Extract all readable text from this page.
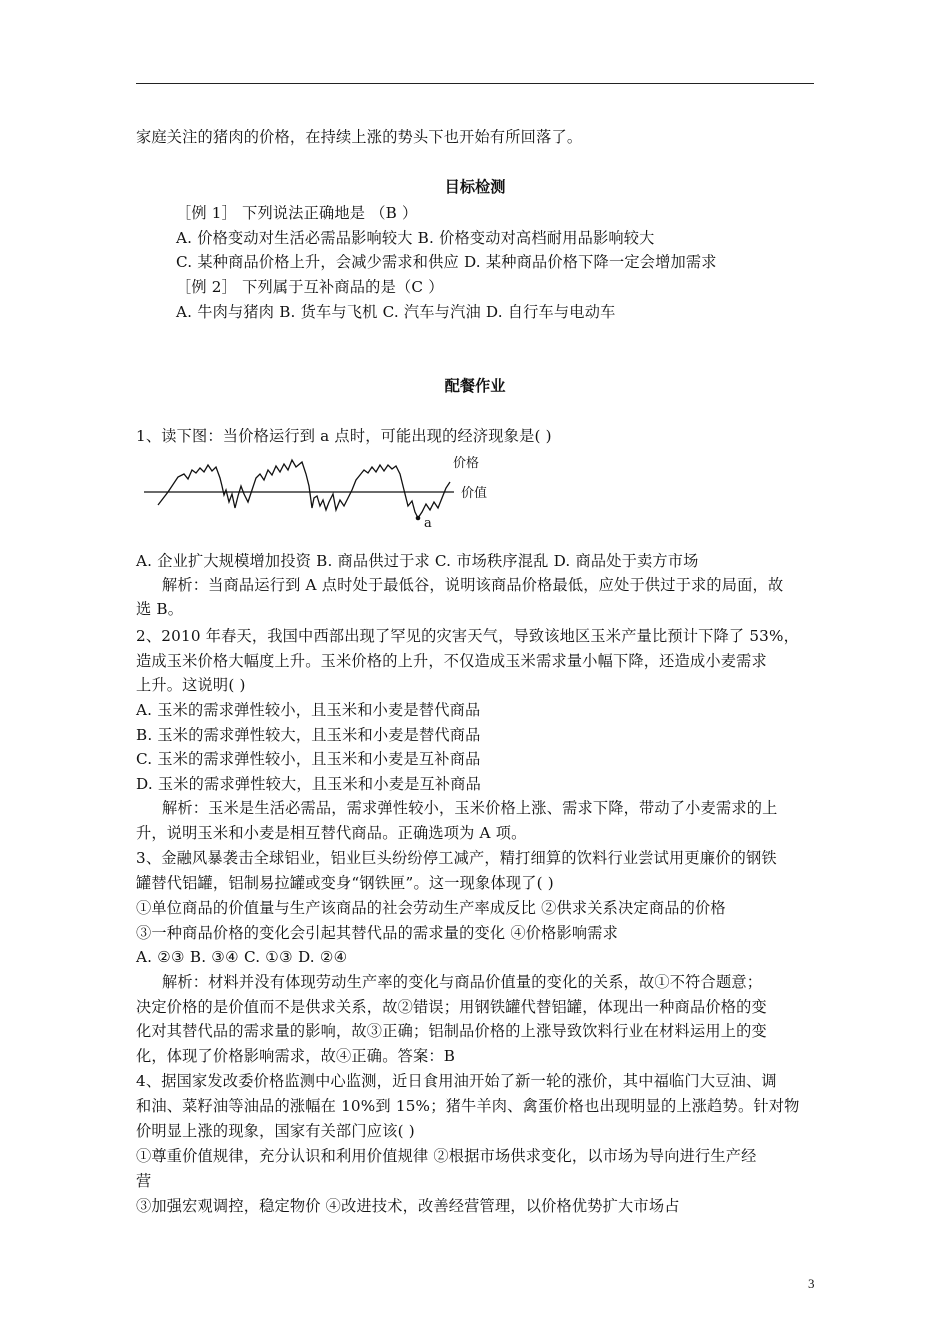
家庭关注的猪肉的价格，在持续上涨的势头下也开始有所回落了。
目标检测
［例 1］ 下列说法正确地是 （B ）
A. 价格变动对生活必需品影响较大 B. 价格变动对高档耐用品影响较大
C. 某种商品价格上升，会减少需求和供应 D. 某种商品价格下降一定会增加需求
［例 2］ 下列属于互补商品的是（C ）
A. 牛肉与猪肉 B. 货车与飞机 C. 汽车与汽油 D. 自行车与电动车
配餐作业
1、读下图：当价格运行到 a 点时，可能出现的经济现象是( )
价格
价值
a
A. 企业扩大规模增加投资 B. 商品供过于求 C. 市场秩序混乱 D. 商品处于卖方市场
解析：当商品运行到 A 点时处于最低谷，说明该商品价格最低，应处于供过于求的局面，故
选 B。
2、2010 年春天，我国中西部出现了罕见的灾害天气，导致该地区玉米产量比预计下降了 53%，
造成玉米价格大幅度上升。玉米价格的上升，不仅造成玉米需求量小幅下降，还造成小麦需求
上升。这说明( )
A. 玉米的需求弹性较小，且玉米和小麦是替代商品
B. 玉米的需求弹性较大，且玉米和小麦是替代商品
C. 玉米的需求弹性较小，且玉米和小麦是互补商品
D. 玉米的需求弹性较大，且玉米和小麦是互补商品
解析：玉米是生活必需品，需求弹性较小，玉米价格上涨、需求下降，带动了小麦需求的上
升，说明玉米和小麦是相互替代商品。正确选项为 A 项。
3、金融风暴袭击全球铝业，铝业巨头纷纷停工减产，精打细算的饮料行业尝试用更廉价的钢铁
罐替代铝罐，铝制易拉罐或变身“钢铁匣”。这一现象体现了( )
①单位商品的价值量与生产该商品的社会劳动生产率成反比 ②供求关系决定商品的价格
③一种商品价格的变化会引起其替代品的需求量的变化 ④价格影响需求
A. ②③ B. ③④ C. ①③ D. ②④
解析：材料并没有体现劳动生产率的变化与商品价值量的变化的关系，故①不符合题意；
决定价格的是价值而不是供求关系，故②错误；用钢铁罐代替铝罐，体现出一种商品价格的变
化对其替代品的需求量的影响，故③正确；铝制品价格的上涨导致饮料行业在材料运用上的变
化，体现了价格影响需求，故④正确。答案：B
4、据国家发改委价格监测中心监测，近日食用油开始了新一轮的涨价，其中福临门大豆油、调
和油、菜籽油等油品的涨幅在 10%到 15%；猪牛羊肉、禽蛋价格也出现明显的上涨趋势。针对物
价明显上涨的现象，国家有关部门应该( )
①尊重价值规律，充分认识和利用价值规律 ②根据市场供求变化，以市场为导向进行生产经
营
③加强宏观调控，稳定物价 ④改进技术，改善经营管理，以价格优势扩大市场占
3
